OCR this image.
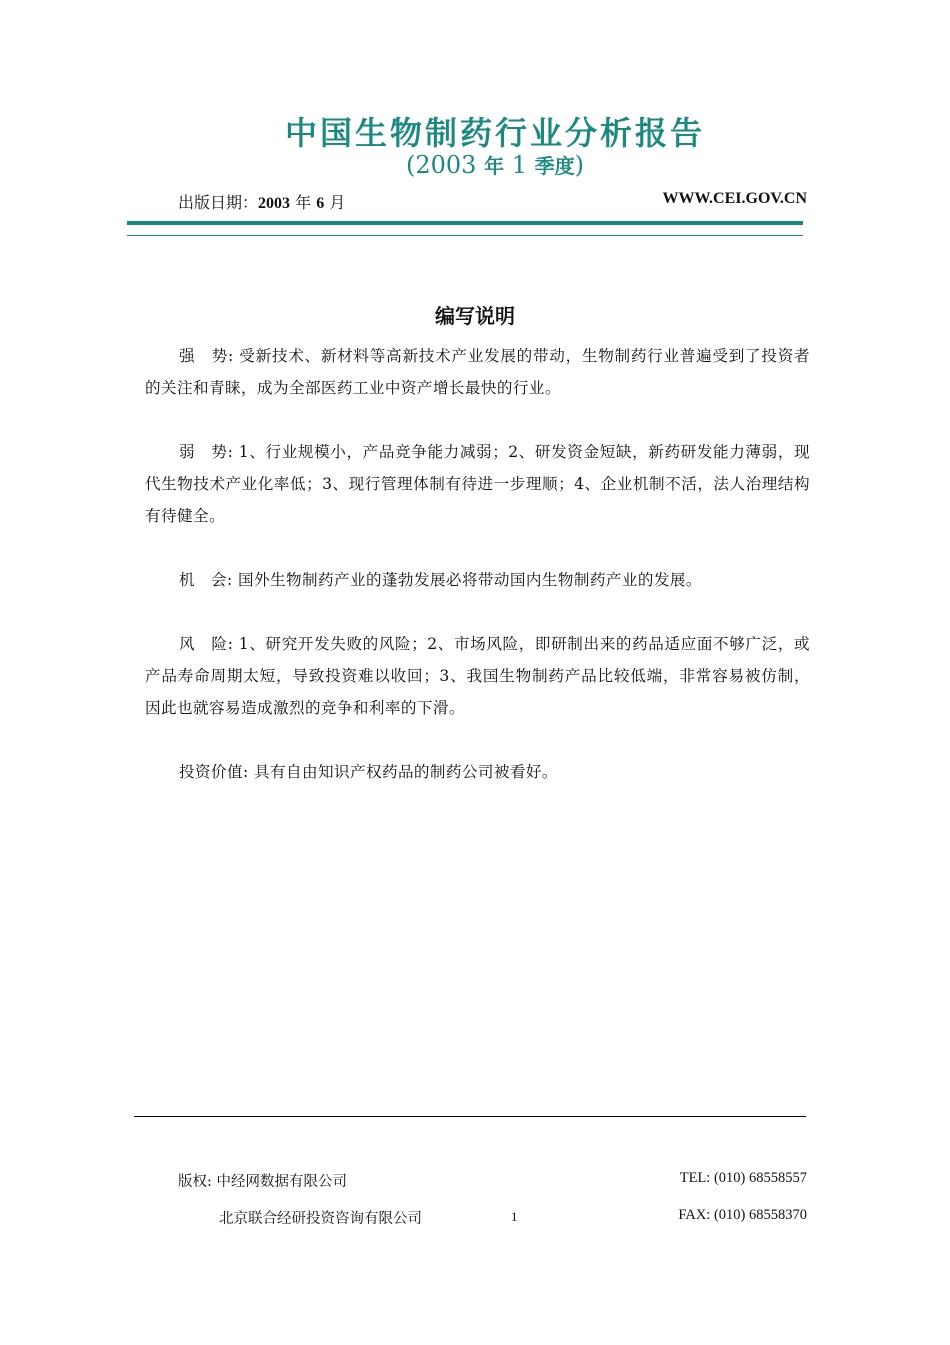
中国生物制药行业分析报告
(2003 年 1 季度)
出版日期：2003 年 6 月	WWW.CEI.GOV.CN
编写说明

强　势: 受新技术、新材料等高新技术产业发展的带动，生物制药行业普遍受到了投资者的关注和青睐，成为全部医药工业中资产增长最快的行业。

弱　势: 1、行业规模小，产品竞争能力减弱；2、研发资金短缺，新药研发能力薄弱，现代生物技术产业化率低；3、现行管理体制有待进一步理顺；4、企业机制不活，法人治理结构有待健全。

机　会: 国外生物制药产业的蓬勃发展必将带动国内生物制药产业的发展。

风　险: 1、研究开发失败的风险；2、市场风险，即研制出来的药品适应面不够广泛，或产品寿命周期太短，导致投资难以收回；3、我国生物制药产品比较低端，非常容易被仿制，因此也就容易造成激烈的竞争和利率的下滑。

投资价值: 具有自由知识产权药品的制药公司被看好。

版权: 中经网数据有限公司	TEL: (010) 68558557
北京联合经研投资咨询有限公司	1	FAX: (010) 68558370
